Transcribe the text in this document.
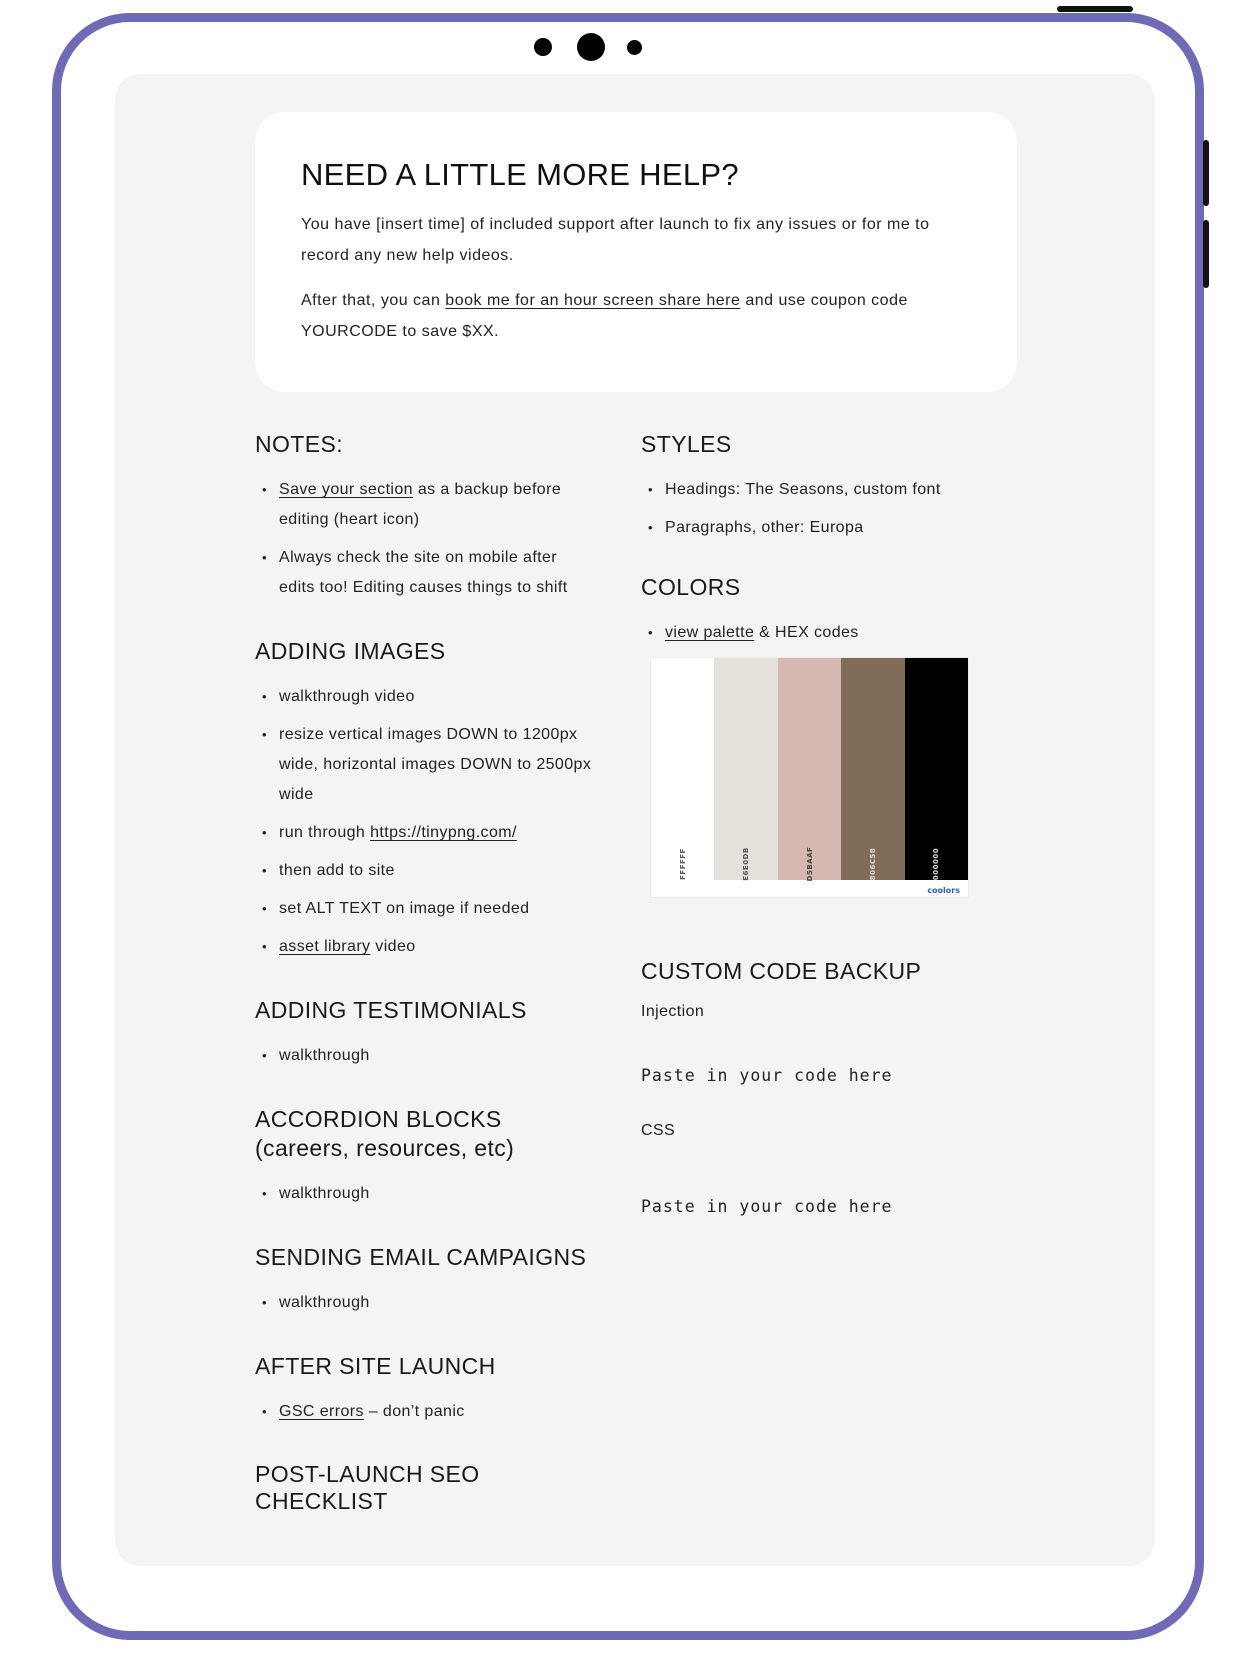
NEED A LITTLE MORE HELP?

You have [insert time] of included support after launch to fix any issues or for me to record any new help videos.

After that, you can book me for an hour screen share here and use coupon code YOURCODE to save $XX.

NOTES:
• Save your section as a backup before editing (heart icon)
• Always check the site on mobile after edits too! Editing causes things to shift
ADDING IMAGES
• walkthrough video
• resize vertical images DOWN to 1200px wide, horizontal images DOWN to 2500px wide
• run through https://tinypng.com/
• then add to site
• set ALT TEXT on image if needed
• asset library video
ADDING TESTIMONIALS
• walkthrough
ACCORDION BLOCKS (careers, resources, etc)
• walkthrough
SENDING EMAIL CAMPAIGNS
• walkthrough
AFTER SITE LAUNCH
• GSC errors – don’t panic
POST-LAUNCH SEO CHECKLIST
STYLES
• Headings: The Seasons, custom font
• Paragraphs, other: Europa
COLORS
• view palette & HEX codes
FFFFFF	E6E0DB	D5BAAF	806C58	000000
coolors
CUSTOM CODE BACKUP
Injection
Paste in your code here
CSS
Paste in your code here
